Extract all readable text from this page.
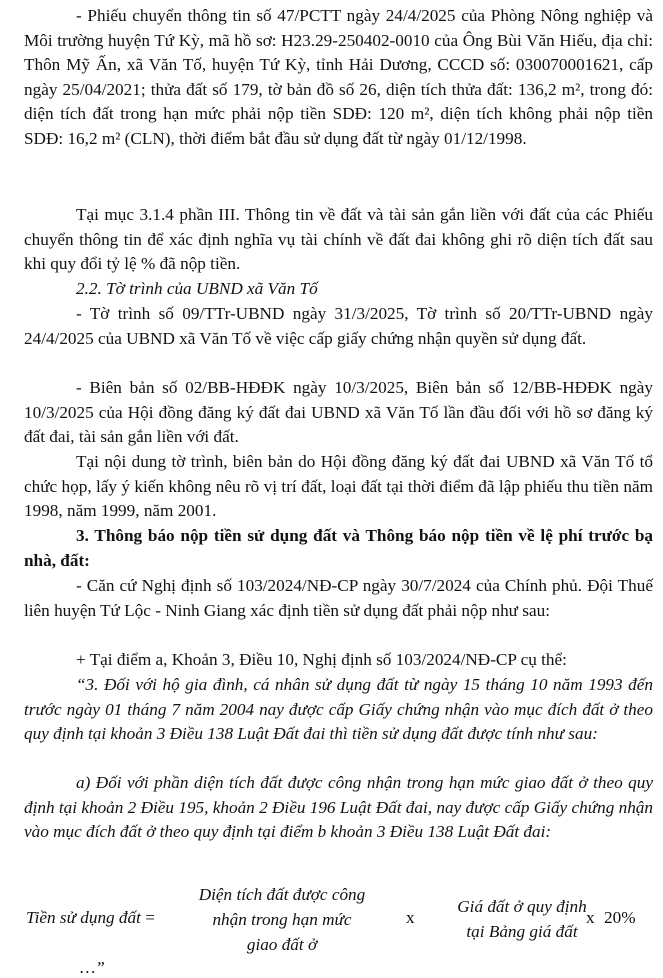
- Phiếu chuyển thông tin số 47/PCTT ngày 24/4/2025 của Phòng Nông nghiệp và Môi trường huyện Tứ Kỳ, mã hồ sơ: H23.29-250402-0010 của Ông Bùi Văn Hiếu, địa chỉ: Thôn Mỹ Ấn, xã Văn Tố, huyện Tứ Kỳ, tỉnh Hải Dương, CCCD số: 030070001621, cấp ngày 25/04/2021; thửa đất số 179, tờ bản đồ số 26, diện tích thửa đất: 136,2 m², trong đó: diện tích đất trong hạn mức phải nộp tiền SDĐ: 120 m², diện tích không phải nộp tiền SDĐ: 16,2 m² (CLN), thời điểm bắt đầu sử dụng đất từ ngày 01/12/1998.

Tại mục 3.1.4 phần III. Thông tin về đất và tài sản gắn liền với đất của các Phiếu chuyển thông tin để xác định nghĩa vụ tài chính về đất đai không ghi rõ diện tích đất sau khi quy đổi tỷ lệ % đã nộp tiền.

2.2. Tờ trình của UBND xã Văn Tố

- Tờ trình số 09/TTr-UBND ngày 31/3/2025, Tờ trình số 20/TTr-UBND ngày 24/4/2025 của UBND xã Văn Tố về việc cấp giấy chứng nhận quyền sử dụng đất.

- Biên bản số 02/BB-HĐĐK ngày 10/3/2025, Biên bản số 12/BB-HĐĐK ngày 10/3/2025 của Hội đồng đăng ký đất đai UBND xã Văn Tố lần đầu đối với hồ sơ đăng ký đất đai, tài sản gắn liền với đất.

Tại nội dung tờ trình, biên bản do Hội đồng đăng ký đất đai UBND xã Văn Tố tổ chức họp, lấy ý kiến không nêu rõ vị trí đất, loại đất tại thời điểm đã lập phiếu thu tiền năm 1998, năm 1999, năm 2001.

3. Thông báo nộp tiền sử dụng đất và Thông báo nộp tiền về lệ phí trước bạ nhà, đất:

- Căn cứ Nghị định số 103/2024/NĐ-CP ngày 30/7/2024 của Chính phủ. Đội Thuế liên huyện Tứ Lộc - Ninh Giang xác định tiền sử dụng đất phải nộp như sau:

+ Tại điểm a, Khoản 3, Điều 10, Nghị định số 103/2024/NĐ-CP cụ thể:

“3. Đối với hộ gia đình, cá nhân sử dụng đất từ ngày 15 tháng 10 năm 1993 đến trước ngày 01 tháng 7 năm 2004 nay được cấp Giấy chứng nhận vào mục đích đất ở theo quy định tại khoản 3 Điều 138 Luật Đất đai thì tiền sử dụng đất được tính như sau:

a) Đối với phần diện tích đất được công nhận trong hạn mức giao đất ở theo quy định tại khoản 2 Điều 195, khoản 2 Điều 196 Luật Đất đai, nay được cấp Giấy chứng nhận vào mục đích đất ở theo quy định tại điểm b khoản 3 Điều 138 Luật Đất đai:

Tiền sử dụng đất =
Diện tích đất được công
nhận trong hạn mức
giao đất ở
x
Giá đất ở quy định
tại Bảng giá đất
x 20%
…”
